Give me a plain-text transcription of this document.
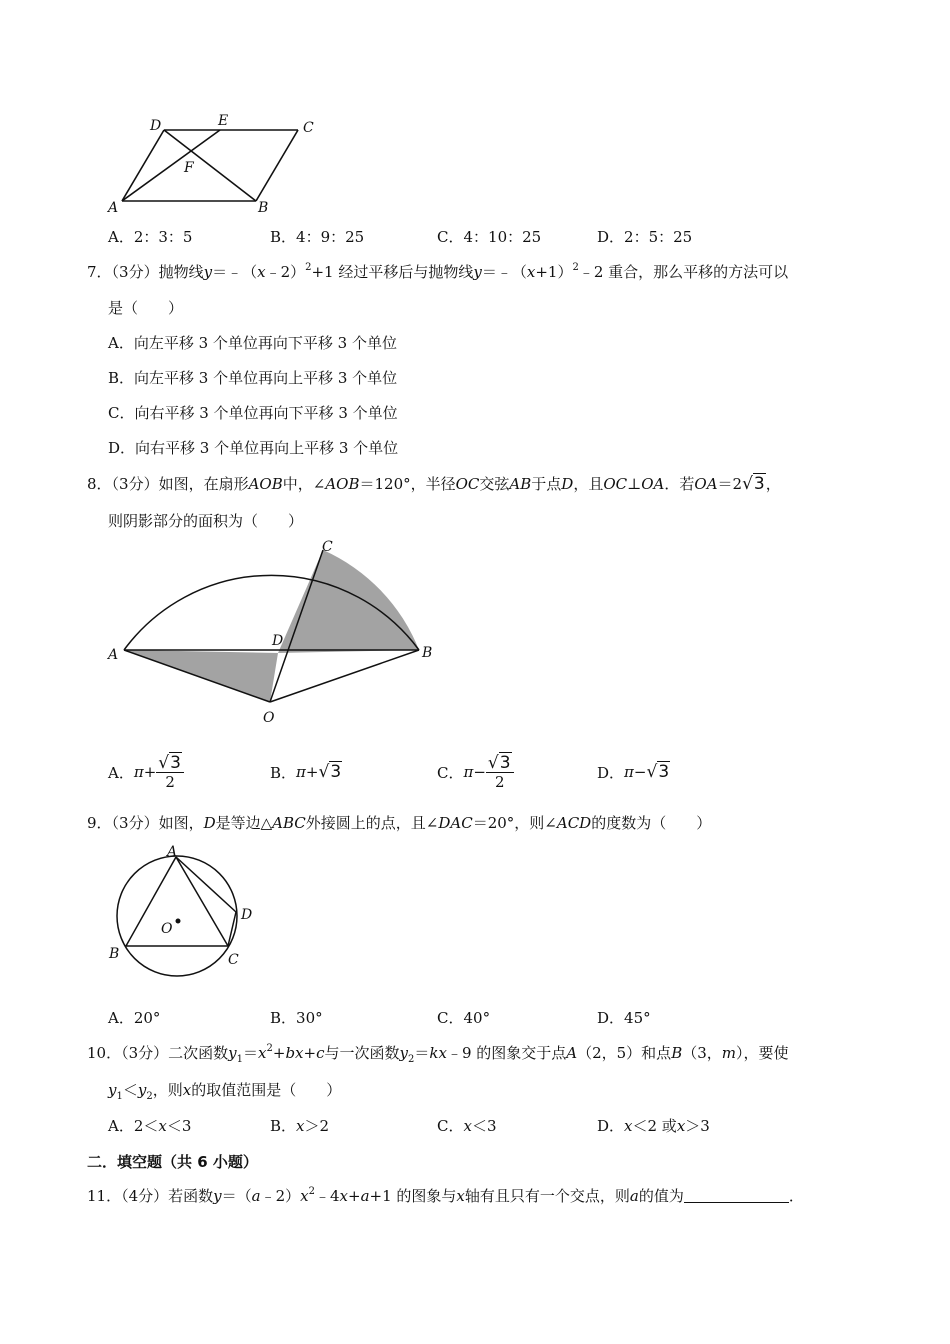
D	E	C
F
A	B
A．2：3：5	B．4：9：25	C．4：10：25	D．2：5：25
7．（3分）抛物线y＝﹣（x﹣2）$^2$+1 经过平移后与抛物线$y=﹣(x+1)^2﹣2$ 重合，那么平移的方法可以
是（　　）
A．向左平移 3 个单位再向下平移 3 个单位
B．向左平移 3 个单位再向上平移 3 个单位
C．向右平移 3 个单位再向下平移 3 个单位
D．向右平移 3 个单位再向上平移 3 个单位
8．（3分）如图，在扇形AOB中，∠AOB＝120°，半径OC交弦AB于点D，且OC⊥OA．若OA＝2√3，
则阴影部分的面积为（　　）
C
D
A	B
O
A． $\pi + \frac{√3}{2}$	B． π + √3	C． $\pi - \frac{√3}{2}$	D． π − √3
9．（3分）如图，D是等边△ABC外接圆上的点，且∠DAC＝20°，则∠ACD的度数为（　　）
A
D
O
B	C
A．20°	B．30°	C．40°	D．45°
10．（3分）二次函数$y_1=x^2+bx+c$与一次函数$y_2=kx﹣9$ 的图象交于点A（2，5）和点B（3，m），要使
$y_1<y_2$，则x的取值范围是（　　）
A．2＜x＜3	B．x＞2	C．x＜3	D．x＜2 或x＞3
二．填空题（共 6 小题）
11．（4分）若函数$y=(a﹣2)x^2﹣4x+a+1$ 的图象与x轴有且只有一个交点，则a的值为	．
